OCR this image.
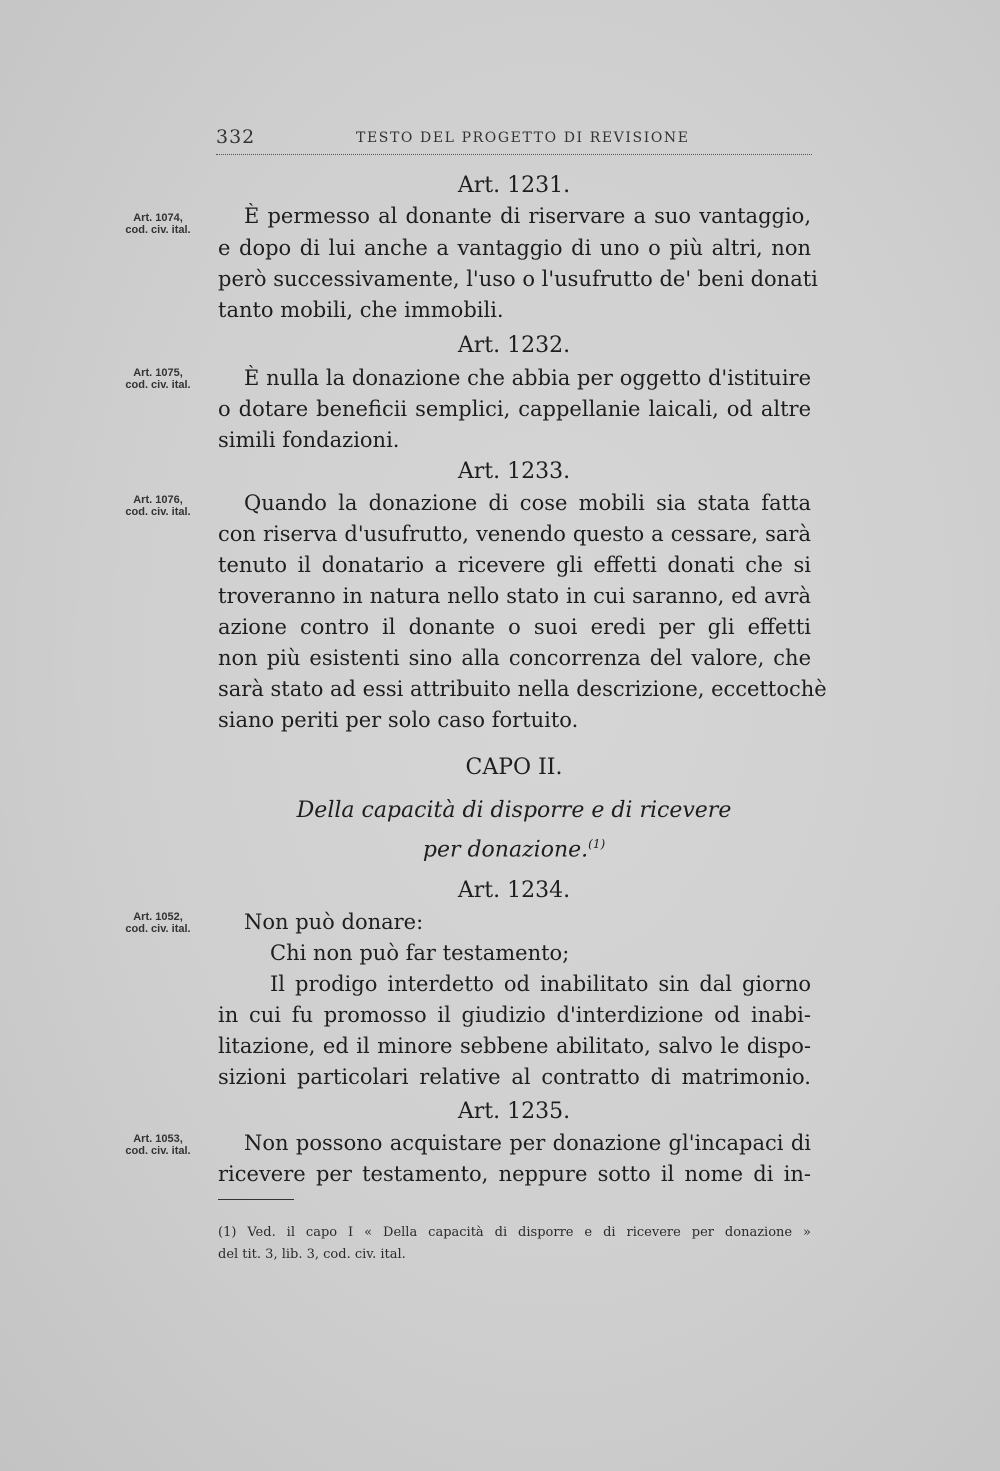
332	TESTO DEL PROGETTO DI REVISIONE
Art. 1074,
cod. civ. ital.
Art. 1075,
cod. civ. ital.
Art. 1076,
cod. civ. ital.
Art. 1052,
cod. civ. ital.
Art. 1053,
cod. civ. ital.
Art. 1231.
È permesso al donante di riservare a suo vantaggio,
e dopo di lui anche a vantaggio di uno o più altri, non
però successivamente, l'uso o l'usufrutto de' beni donati
tanto mobili, che immobili.
Art. 1232.
È nulla la donazione che abbia per oggetto d'istituire
o dotare beneficii semplici, cappellanie laicali, od altre
simili fondazioni.
Art. 1233.
Quando la donazione di cose mobili sia stata fatta
con riserva d'usufrutto, venendo questo a cessare, sarà
tenuto il donatario a ricevere gli effetti donati che si
troveranno in natura nello stato in cui saranno, ed avrà
azione contro il donante o suoi eredi per gli effetti
non più esistenti sino alla concorrenza del valore, che
sarà stato ad essi attribuito nella descrizione, eccettochè
siano periti per solo caso fortuito.
CAPO II.
Della capacità di disporre e di ricevere
per donazione.$^{(1)}$
Art. 1234.
Non può donare:
Chi non può far testamento;
Il prodigo interdetto od inabilitato sin dal giorno
in cui fu promosso il giudizio d'interdizione od inabi-
litazione, ed il minore sebbene abilitato, salvo le dispo-
sizioni particolari relative al contratto di matrimonio.
Art. 1235.
Non possono acquistare per donazione gl'incapaci di
ricevere per testamento, neppure sotto il nome di in-
(1) Ved. il capo I « Della capacità di disporre e di ricevere per donazione »
del tit. 3, lib. 3, cod. civ. ital.
